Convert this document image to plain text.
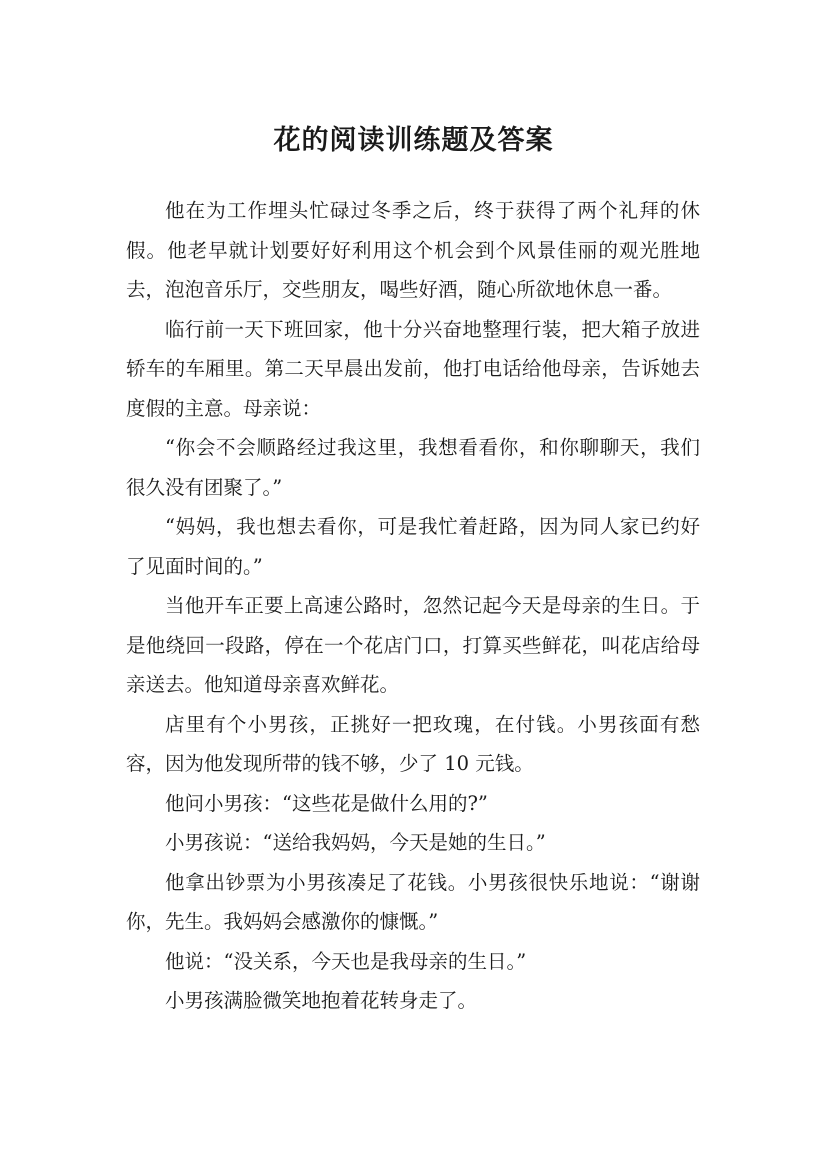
花的阅读训练题及答案

他在为工作埋头忙碌过冬季之后，终于获得了两个礼拜的休假。他老早就计划要好好利用这个机会到个风景佳丽的观光胜地去，泡泡音乐厅，交些朋友，喝些好酒，随心所欲地休息一番。

临行前一天下班回家，他十分兴奋地整理行装，把大箱子放进轿车的车厢里。第二天早晨出发前，他打电话给他母亲，告诉她去度假的主意。母亲说：

“你会不会顺路经过我这里，我想看看你，和你聊聊天，我们很久没有团聚了。”

“妈妈，我也想去看你，可是我忙着赶路，因为同人家已约好了见面时间的。”

当他开车正要上高速公路时，忽然记起今天是母亲的生日。于是他绕回一段路，停在一个花店门口，打算买些鲜花，叫花店给母亲送去。他知道母亲喜欢鲜花。

店里有个小男孩，正挑好一把玫瑰，在付钱。小男孩面有愁容，因为他发现所带的钱不够，少了 10 元钱。

他问小男孩：“这些花是做什么用的?”

小男孩说：“送给我妈妈，今天是她的生日。”

他拿出钞票为小男孩凑足了花钱。小男孩很快乐地说：“谢谢你，先生。我妈妈会感激你的慷慨。”

他说：“没关系，今天也是我母亲的生日。”

小男孩满脸微笑地抱着花转身走了。
